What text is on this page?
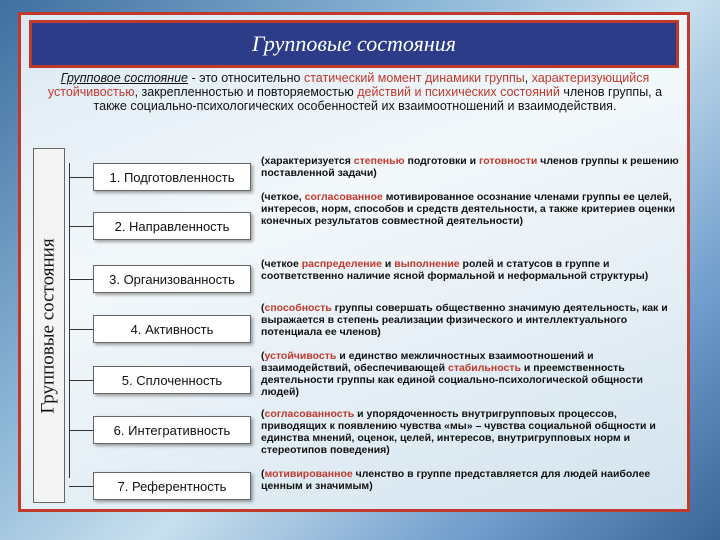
Групповые состояния
Групповое состояние - это относительно статический момент динамики группы, характеризующийся устойчивостью, закрепленностью и повторяемостью действий и психических состояний членов группы, а также социально-психологических особенностей их взаимоотношений и взаимодействия.
Групповые состояния
1. Подготовленность
(характеризуется степенью подготовки и готовности членов группы к решению поставленной задачи)
2. Направленность
(четкое, согласованное мотивированное осознание членами группы ее целей, интересов, норм, способов и средств деятельности, а также критериев оценки конечных результатов совместной деятельности)
3. Организованность
(четкое распределение и выполнение ролей и статусов в группе и соответственно наличие ясной формальной и неформальной структуры)
4. Активность
(способность группы совершать общественно значимую деятельность, как и выражается в степень реализации физического и интеллектуального потенциала ее членов)
5. Сплоченность
(устойчивость и единство межличностных взаимоотношений и взаимодействий, обеспечивающей стабильность и преемственность деятельности группы как единой социально-психологической общности людей)
6. Интегративность
(согласованность и упорядоченность внутригрупповых процессов, приводящих к появлению чувства «мы» – чувства социальной общности и единства мнений, оценок, целей, интересов, внутригрупповых норм и стереотипов поведения)
7. Референтность
(мотивированное членство в группе представляется для людей наиболее ценным и значимым)
